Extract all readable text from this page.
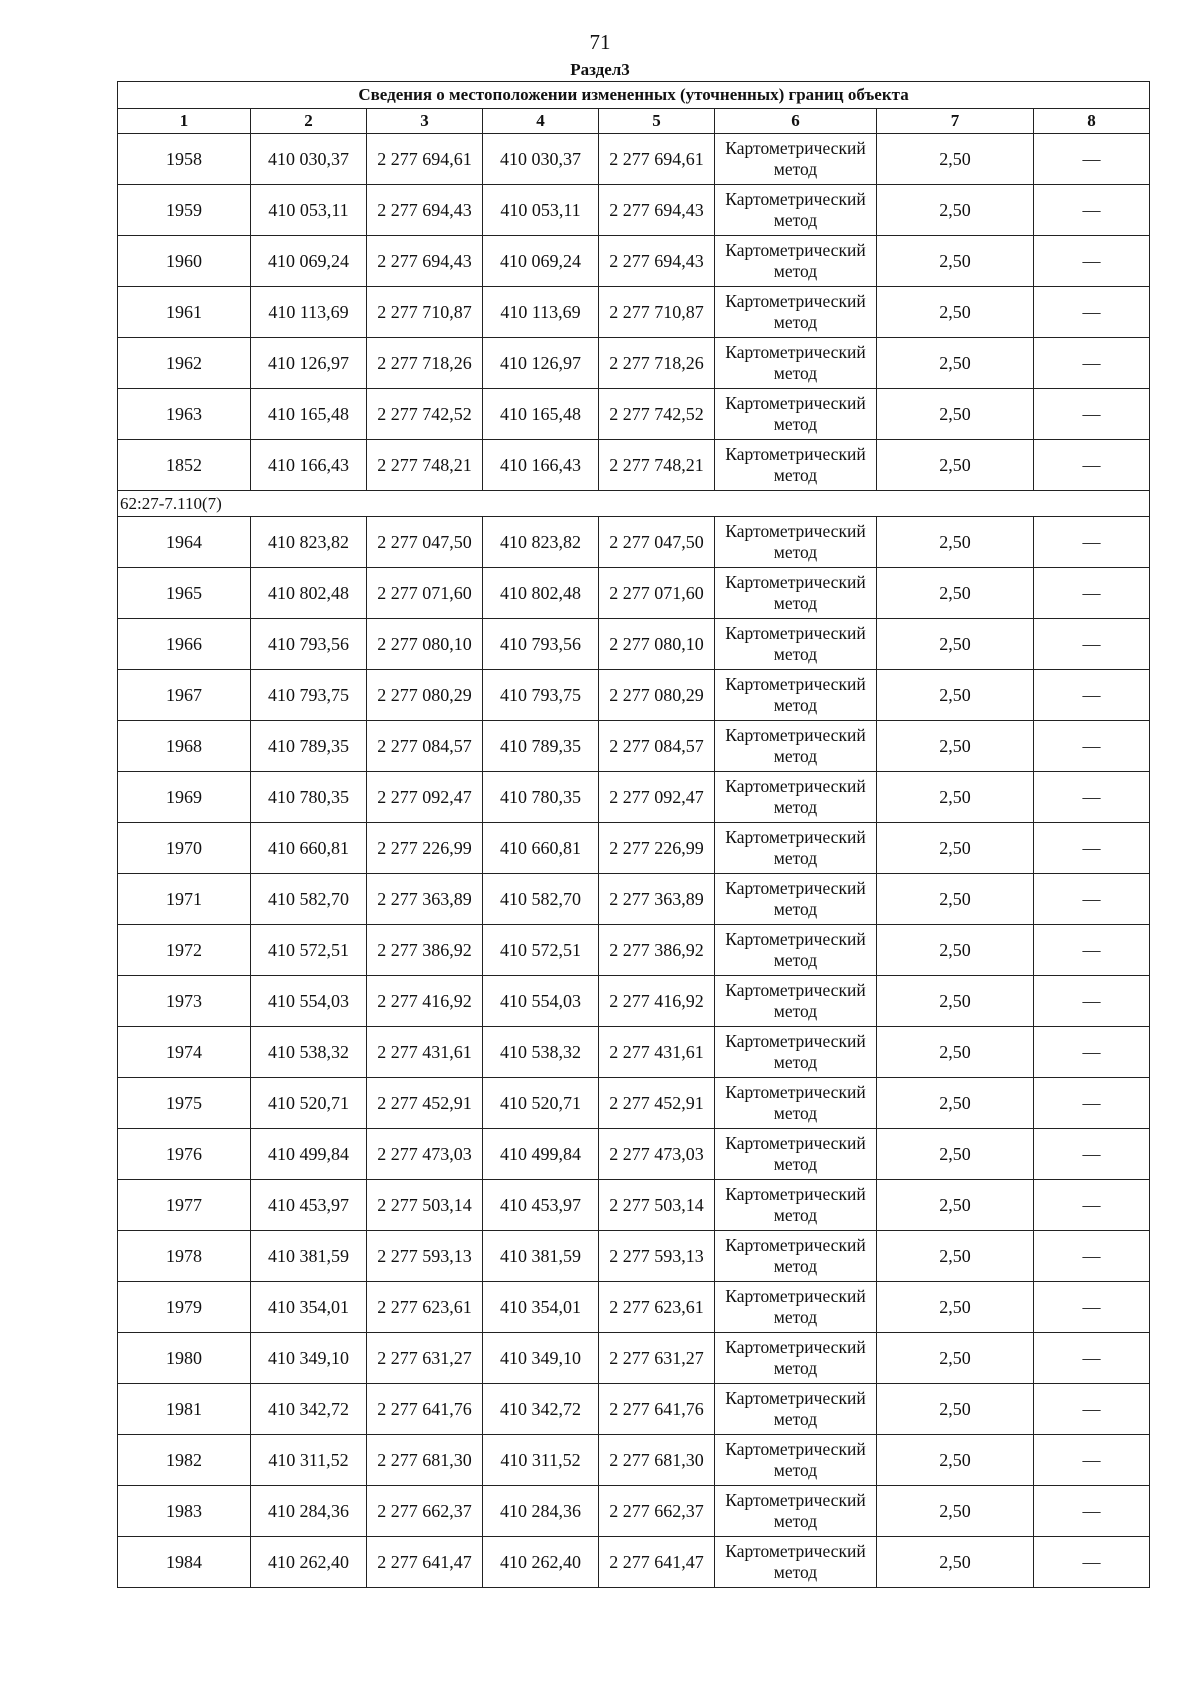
71
Раздел3
Сведения о местоположении измененных (уточненных) границ объекта							
1	2	3	4	5	6	7	8
1958	410 030,37	2 277 694,61	410 030,37	2 277 694,61	Картометрический метод	2,50	—
1959	410 053,11	2 277 694,43	410 053,11	2 277 694,43	Картометрический метод	2,50	—
1960	410 069,24	2 277 694,43	410 069,24	2 277 694,43	Картометрический метод	2,50	—
1961	410 113,69	2 277 710,87	410 113,69	2 277 710,87	Картометрический метод	2,50	—
1962	410 126,97	2 277 718,26	410 126,97	2 277 718,26	Картометрический метод	2,50	—
1963	410 165,48	2 277 742,52	410 165,48	2 277 742,52	Картометрический метод	2,50	—
1852	410 166,43	2 277 748,21	410 166,43	2 277 748,21	Картометрический метод	2,50	—
62:27-7.110(7)							
1964	410 823,82	2 277 047,50	410 823,82	2 277 047,50	Картометрический метод	2,50	—
1965	410 802,48	2 277 071,60	410 802,48	2 277 071,60	Картометрический метод	2,50	—
1966	410 793,56	2 277 080,10	410 793,56	2 277 080,10	Картометрический метод	2,50	—
1967	410 793,75	2 277 080,29	410 793,75	2 277 080,29	Картометрический метод	2,50	—
1968	410 789,35	2 277 084,57	410 789,35	2 277 084,57	Картометрический метод	2,50	—
1969	410 780,35	2 277 092,47	410 780,35	2 277 092,47	Картометрический метод	2,50	—
1970	410 660,81	2 277 226,99	410 660,81	2 277 226,99	Картометрический метод	2,50	—
1971	410 582,70	2 277 363,89	410 582,70	2 277 363,89	Картометрический метод	2,50	—
1972	410 572,51	2 277 386,92	410 572,51	2 277 386,92	Картометрический метод	2,50	—
1973	410 554,03	2 277 416,92	410 554,03	2 277 416,92	Картометрический метод	2,50	—
1974	410 538,32	2 277 431,61	410 538,32	2 277 431,61	Картометрический метод	2,50	—
1975	410 520,71	2 277 452,91	410 520,71	2 277 452,91	Картометрический метод	2,50	—
1976	410 499,84	2 277 473,03	410 499,84	2 277 473,03	Картометрический метод	2,50	—
1977	410 453,97	2 277 503,14	410 453,97	2 277 503,14	Картометрический метод	2,50	—
1978	410 381,59	2 277 593,13	410 381,59	2 277 593,13	Картометрический метод	2,50	—
1979	410 354,01	2 277 623,61	410 354,01	2 277 623,61	Картометрический метод	2,50	—
1980	410 349,10	2 277 631,27	410 349,10	2 277 631,27	Картометрический метод	2,50	—
1981	410 342,72	2 277 641,76	410 342,72	2 277 641,76	Картометрический метод	2,50	—
1982	410 311,52	2 277 681,30	410 311,52	2 277 681,30	Картометрический метод	2,50	—
1983	410 284,36	2 277 662,37	410 284,36	2 277 662,37	Картометрический метод	2,50	—
1984	410 262,40	2 277 641,47	410 262,40	2 277 641,47	Картометрический метод	2,50	—
